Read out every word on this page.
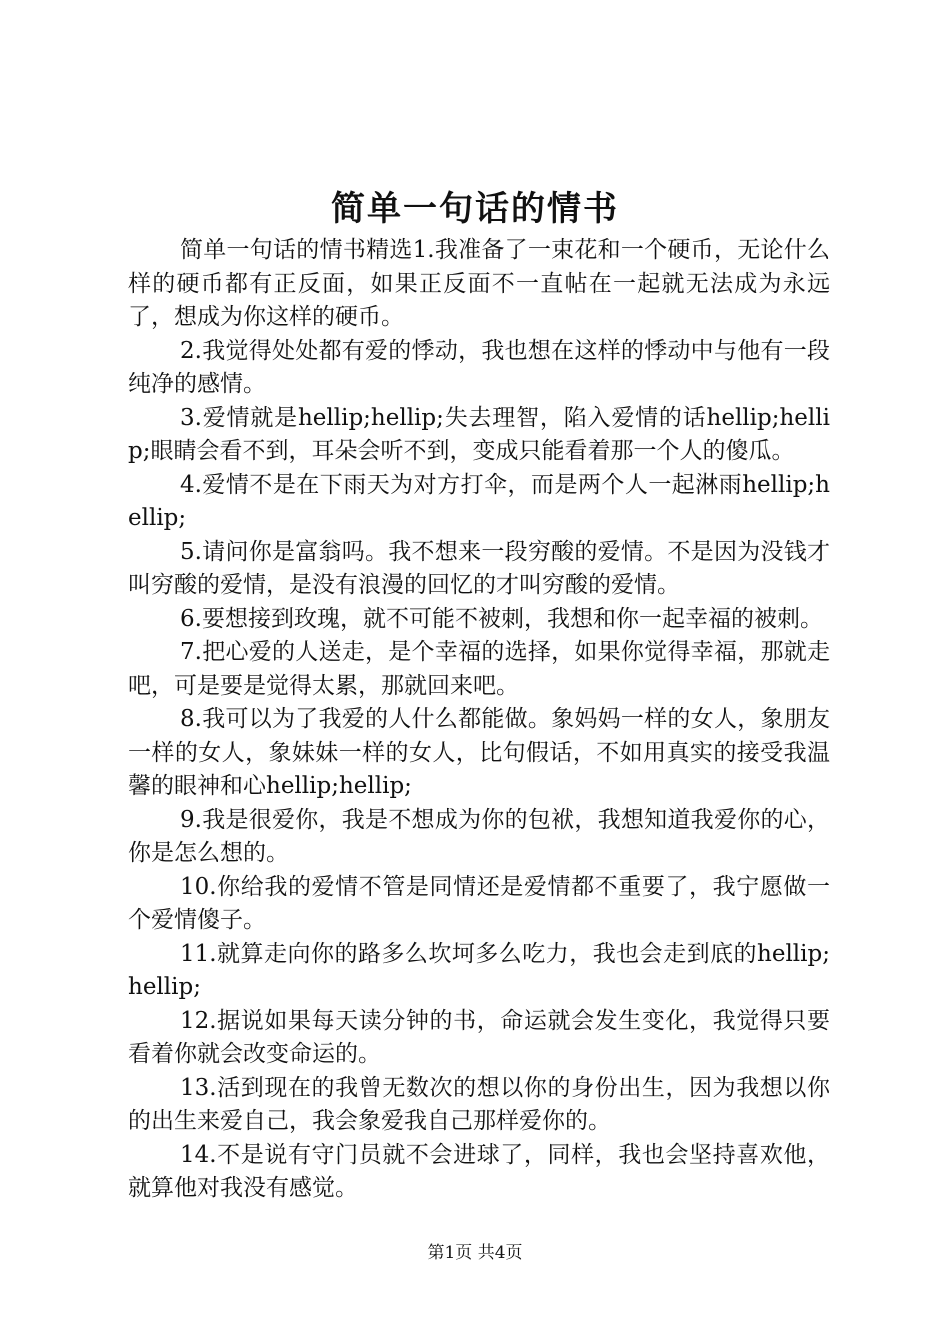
简单一句话的情书

简单一句话的情书精选1.我准备了一束花和一个硬币，无论什么样的硬币都有正反面，如果正反面不一直帖在一起就无法成为永远了，想成为你这样的硬币。

2.我觉得处处都有爱的悸动，我也想在这样的悸动中与他有一段纯净的感情。

3.爱情就是hellip;hellip;失去理智，陷入爱情的话hellip;hellip;眼睛会看不到，耳朵会听不到，变成只能看着那一个人的傻瓜。

4.爱情不是在下雨天为对方打伞，而是两个人一起淋雨hellip;hellip;

5.请问你是富翁吗。我不想来一段穷酸的爱情。不是因为没钱才叫穷酸的爱情，是没有浪漫的回忆的才叫穷酸的爱情。

6.要想接到玫瑰，就不可能不被刺，我想和你一起幸福的被刺。

7.把心爱的人送走，是个幸福的选择，如果你觉得幸福，那就走吧，可是要是觉得太累，那就回来吧。

8.我可以为了我爱的人什么都能做。象妈妈一样的女人，象朋友一样的女人，象妹妹一样的女人，比句假话，不如用真实的接受我温馨的眼神和心hellip;hellip;

9.我是很爱你，我是不想成为你的包袱，我想知道我爱你的心，你是怎么想的。

10.你给我的爱情不管是同情还是爱情都不重要了，我宁愿做一个爱情傻子。

11.就算走向你的路多么坎坷多么吃力，我也会走到底的hellip;hellip;

12.据说如果每天读分钟的书，命运就会发生变化，我觉得只要看着你就会改变命运的。

13.活到现在的我曾无数次的想以你的身份出生，因为我想以你的出生来爱自己，我会象爱我自己那样爱你的。

14.不是说有守门员就不会进球了，同样，我也会坚持喜欢他，就算他对我没有感觉。

第1页 共4页
